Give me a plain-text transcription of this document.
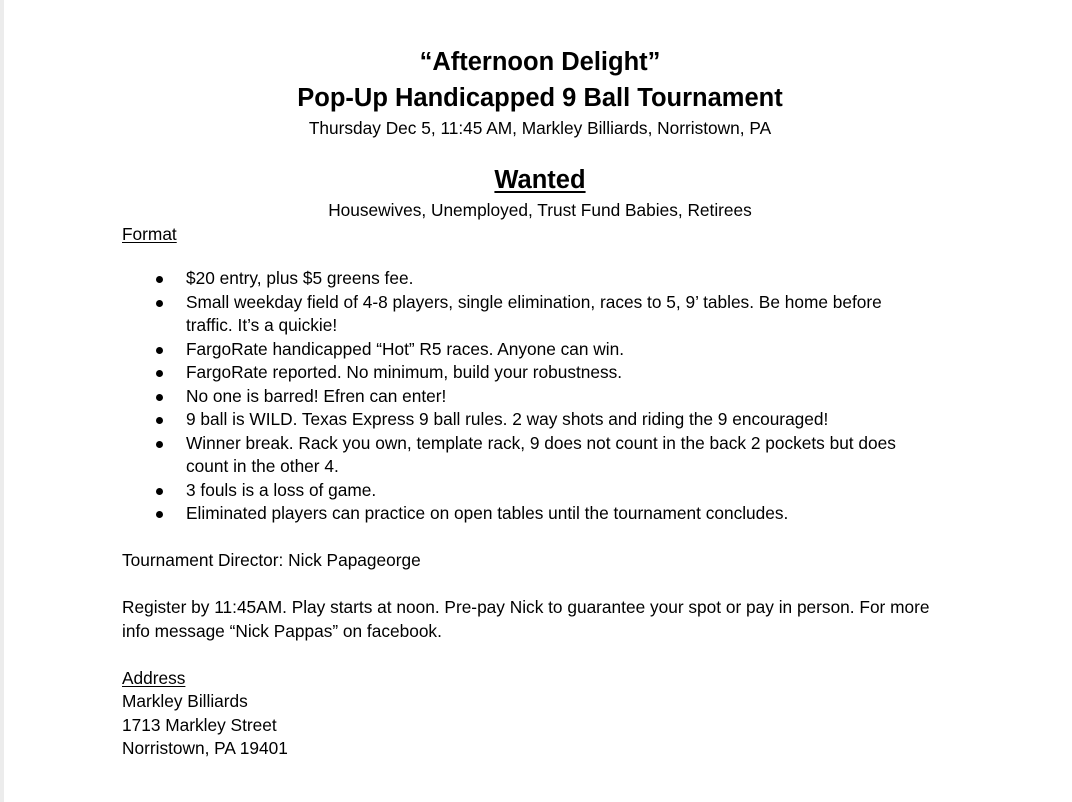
“Afternoon Delight”
Pop-Up Handicapped 9 Ball Tournament
Thursday Dec 5, 11:45 AM, Markley Billiards, Norristown, PA
Wanted
Housewives, Unemployed, Trust Fund Babies, Retirees
Format
$20 entry, plus $5 greens fee.
Small weekday field of 4-8 players, single elimination, races to 5, 9’ tables. Be home before traffic. It’s a quickie!
FargoRate handicapped “Hot” R5 races. Anyone can win.
FargoRate reported. No minimum, build your robustness.
No one is barred! Efren can enter!
9 ball is WILD. Texas Express 9 ball rules. 2 way shots and riding the 9 encouraged!
Winner break. Rack you own, template rack, 9 does not count in the back 2 pockets but does count in the other 4.
3 fouls is a loss of game.
Eliminated players can practice on open tables until the tournament concludes.
Tournament Director: Nick Papageorge
Register by 11:45AM. Play starts at noon. Pre-pay Nick to guarantee your spot or pay in person. For more info message “Nick Pappas” on facebook.
Address
Markley Billiards
1713 Markley Street
Norristown, PA 19401
